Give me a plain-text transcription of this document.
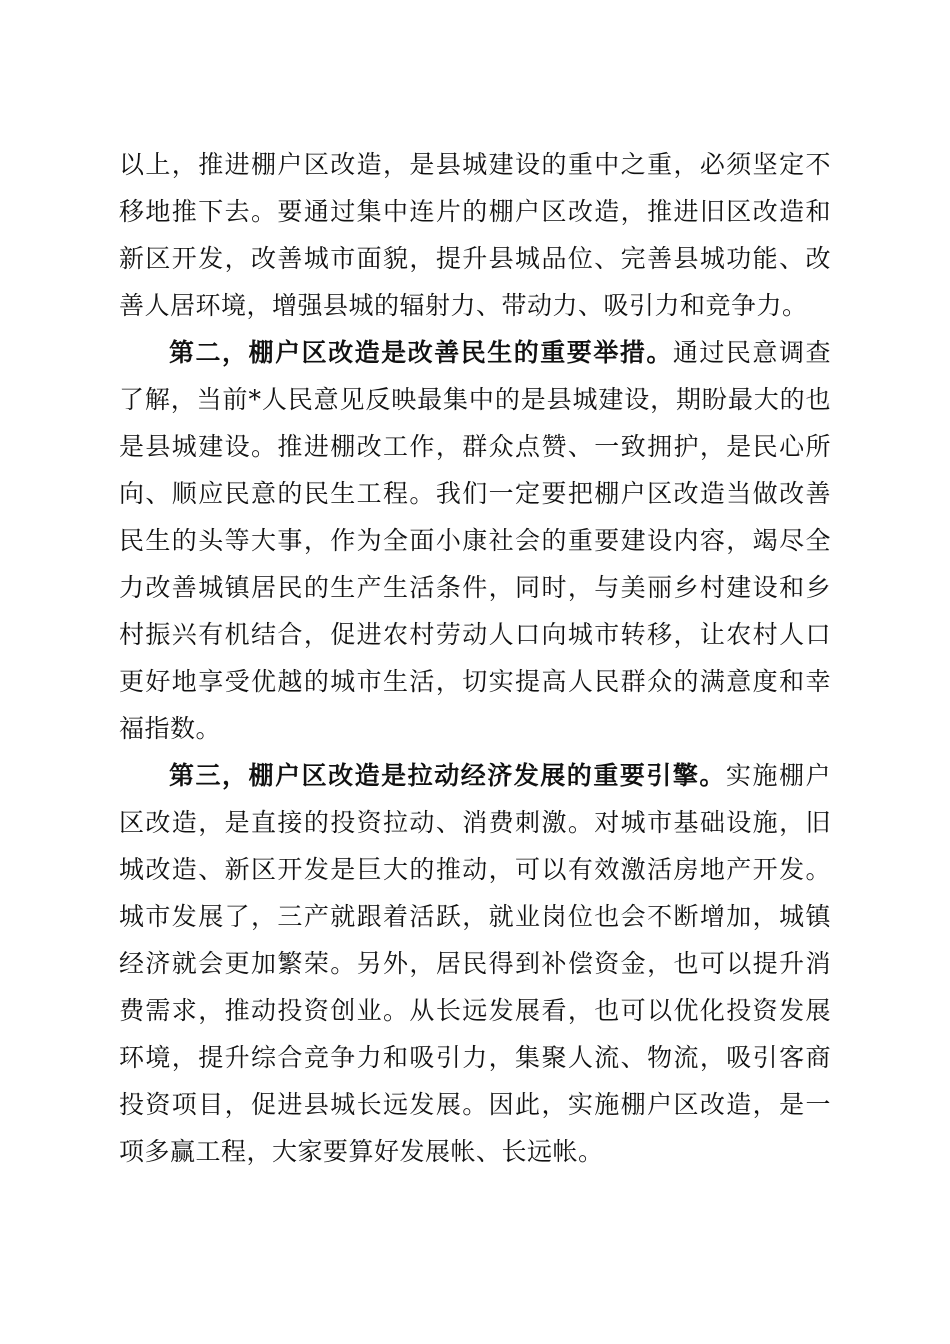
以上，推进棚户区改造，是县城建设的重中之重，必须坚定不移地推下去。要通过集中连片的棚户区改造，推进旧区改造和新区开发，改善城市面貌，提升县城品位、完善县城功能、改善人居环境，增强县城的辐射力、带动力、吸引力和竞争力。

第二，棚户区改造是改善民生的重要举措。通过民意调查了解，当前*人民意见反映最集中的是县城建设，期盼最大的也是县城建设。推进棚改工作，群众点赞、一致拥护，是民心所向、顺应民意的民生工程。我们一定要把棚户区改造当做改善民生的头等大事，作为全面小康社会的重要建设内容，竭尽全力改善城镇居民的生产生活条件，同时，与美丽乡村建设和乡村振兴有机结合，促进农村劳动人口向城市转移，让农村人口更好地享受优越的城市生活，切实提高人民群众的满意度和幸福指数。

第三，棚户区改造是拉动经济发展的重要引擎。实施棚户区改造，是直接的投资拉动、消费刺激。对城市基础设施，旧城改造、新区开发是巨大的推动，可以有效激活房地产开发。城市发展了，三产就跟着活跃，就业岗位也会不断增加，城镇经济就会更加繁荣。另外，居民得到补偿资金，也可以提升消费需求，推动投资创业。从长远发展看，也可以优化投资发展环境，提升综合竞争力和吸引力，集聚人流、物流，吸引客商投资项目，促进县城长远发展。因此，实施棚户区改造，是一项多赢工程，大家要算好发展帐、长远帐。
